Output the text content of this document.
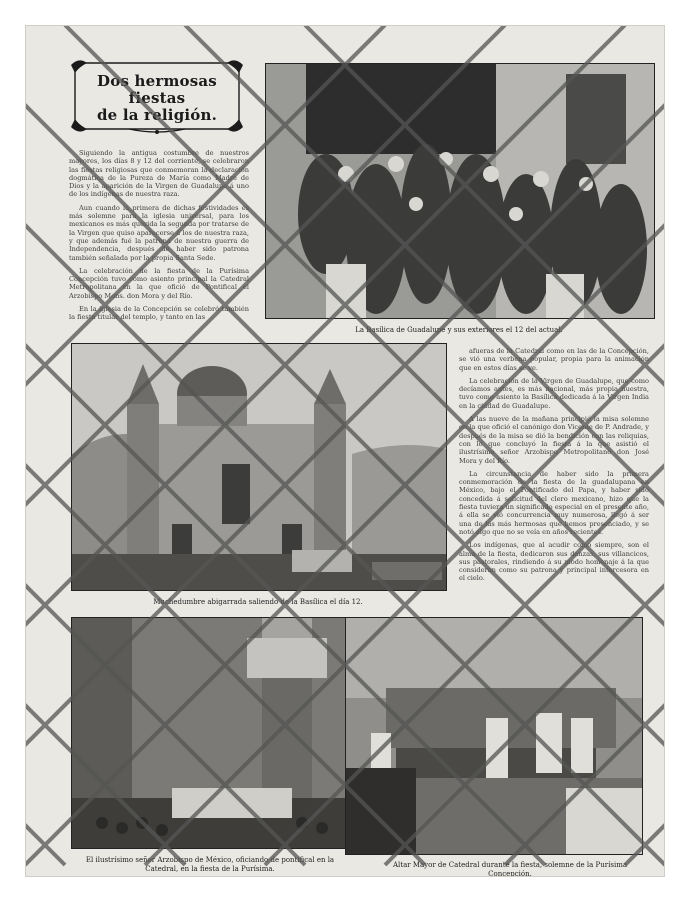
Dos hermosas fiestas
de la religión.

Siguiendo la antigua costumbre de nuestros mayores, los días 8 y 12 del corriente, se celebraron las fiestas religiosas que conmemoran la declaración dogmática de la Pureza de María como Madre de Dios y la aparición de la Virgen de Guadalupe á uno de los indígenas de nuestra raza.

Aun cuando la primera de dichas festividades es más solemne para la iglesia universal, para los mexicanos es más querida la segunda por tratarse de la Virgen que quiso aparecerse á los de nuestra raza, y que además fué la patrona de nuestra guerra de Independencia, después de haber sido patrona también señalada por la propia Santa Sede.

La celebración de la fiesta de la Purísima Concepción tuvo como asiento principal la Catedral Metropolitana en la que ofició de Pontifical el Arzobispo Mons. don Mora y del Río.

En la iglesia de la Concepción se celebró también la fiesta titular del templo, y tanto en las

La Basílica de Guadalupe y sus exteriores el 12 del actual.
Muchedumbre abigarrada saliendo de la Basílica el día 12.

afueras de la Catedral como en las de la Concepción, se vió una verbena popular, propia para la animación que en estos días se ve.

La celebración de la Virgen de Guadalupe, que como decíamos antes, es más nacional, más propia nuestra, tuvo como asiento la Basílica dedicada á la Virgen India en la ciudad de Guadalupe.

A las nueve de la mañana principió la misa solemne en la que ofició el canónigo don Vicente de P. Andrade, y después de la misa se dió la bendición con las reliquias, con lo que concluyó la fiesta á la que asistió el ilustrísimo señor Arzobispo Metropolitano don José Mora y del Río.

La circunstancia de haber sido la primera conmemoración de la fiesta de la guadalupana en México, bajo el Pontificado del Papa, y haber sido concedida á solicitud del clero mexicano, hizo que la fiesta tuviera un significado especial en el presente año, á ella se vió concurrencia muy numerosa, llegó á ser una de las más hermosas que hemos presenciado, y se notó algo que no se veía en años recientes.

Los indígenas, que al acudir como siempre, son el alma de la fiesta, dedicaron sus danzas, sus villancicos, sus pastorales, rindiendo á su modo homenaje á la que consideran como su patrona y principal intercesora en el cielo.

El ilustrísimo señor Arzobispo de México, oficiando de pontifical en la Catedral, en la fiesta de la Purísima.	Altar Mayor de Catedral durante la fiesta, solemne de la Purísima Concepción.
